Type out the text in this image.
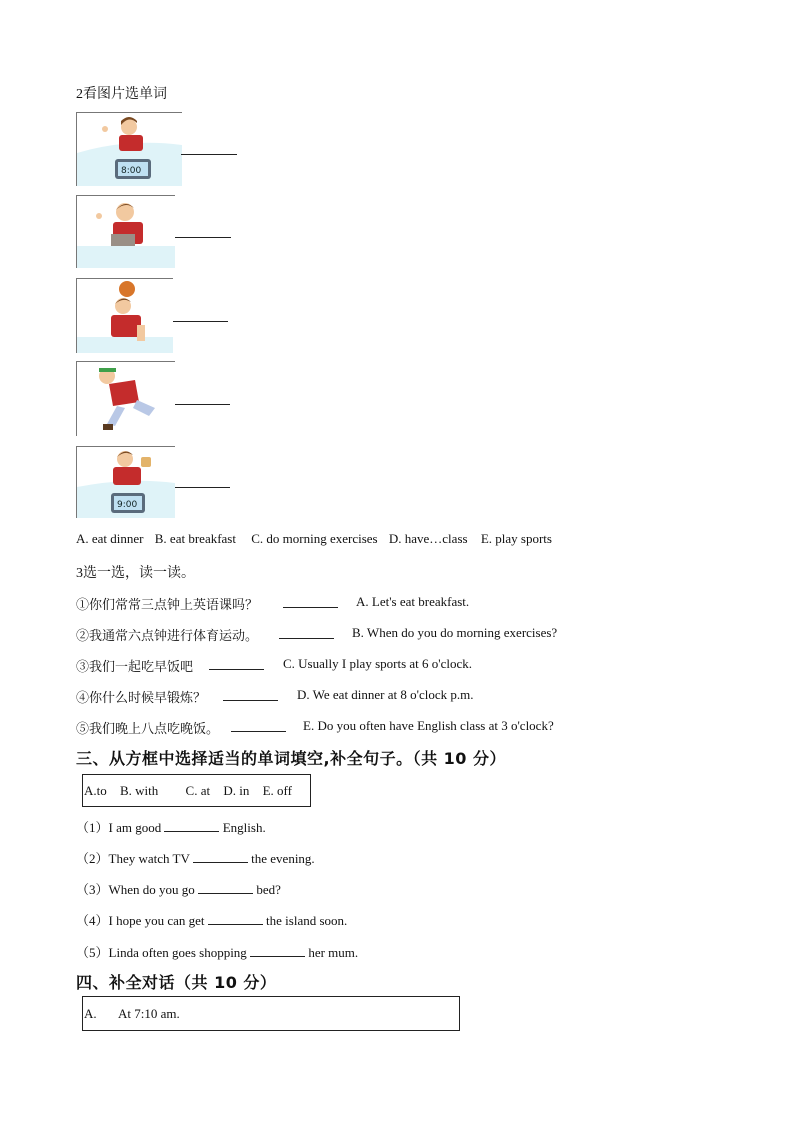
2看图片选单词
8:00
9:00
A. eat dinner B. eat breakfast C. do morning exercises D. have…class E. play sports
3选一选，读一读。
①你们常常三点钟上英语课吗？	A. Let's eat breakfast.
②我通常六点钟进行体育运动。	B. When do you do morning exercises?
③我们一起吃早饭吧	C. Usually I play sports at 6 o'clock.
④你什么时候早锻炼？	D. We eat dinner at 8 o'clock p.m.
⑤我们晚上八点吃晚饭。	E. Do you often have English class at 3 o'clock?
三、从方框中选择适当的单词填空,补全句子。（共 10 分）
A.to B. with C. at D. in E. off
（1）I am good	English.
（2）They watch TV	the evening.
（3）When do you go	bed?
（4）I hope you can get	the island soon.
（5）Linda often goes shopping	her mum.
四、补全对话（共 10 分）
A. At 7:10 am.
